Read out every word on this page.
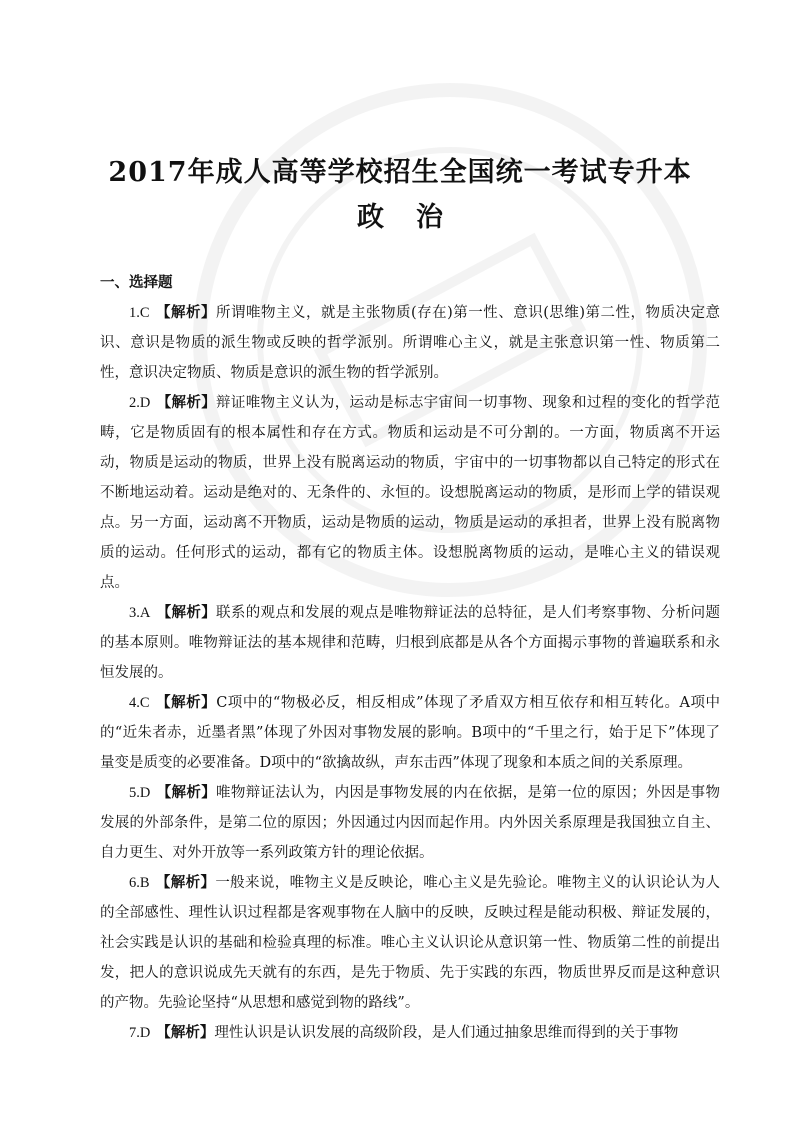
2017年成人高等学校招生全国统一考试专升本
政治
一、选择题

1.C 【解析】所谓唯物主义，就是主张物质(存在)第一性、意识(思维)第二性，物质决定意识、意识是物质的派生物或反映的哲学派别。所谓唯心主义，就是主张意识第一性、物质第二性，意识决定物质、物质是意识的派生物的哲学派别。

2.D 【解析】辩证唯物主义认为，运动是标志宇宙间一切事物、现象和过程的变化的哲学范畴，它是物质固有的根本属性和存在方式。物质和运动是不可分割的。一方面，物质离不开运动，物质是运动的物质，世界上没有脱离运动的物质，宇宙中的一切事物都以自己特定的形式在不断地运动着。运动是绝对的、无条件的、永恒的。设想脱离运动的物质，是形而上学的错误观点。另一方面，运动离不开物质，运动是物质的运动，物质是运动的承担者，世界上没有脱离物质的运动。任何形式的运动，都有它的物质主体。设想脱离物质的运动，是唯心主义的错误观点。

3.A 【解析】联系的观点和发展的观点是唯物辩证法的总特征，是人们考察事物、分析问题的基本原则。唯物辩证法的基本规律和范畴，归根到底都是从各个方面揭示事物的普遍联系和永恒发展的。

4.C 【解析】C项中的“物极必反，相反相成”体现了矛盾双方相互依存和相互转化。A项中的“近朱者赤，近墨者黑”体现了外因对事物发展的影响。B项中的“千里之行，始于足下”体现了量变是质变的必要准备。D项中的“欲擒故纵，声东击西”体现了现象和本质之间的关系原理。

5.D 【解析】唯物辩证法认为，内因是事物发展的内在依据，是第一位的原因；外因是事物发展的外部条件，是第二位的原因；外因通过内因而起作用。内外因关系原理是我国独立自主、自力更生、对外开放等一系列政策方针的理论依据。

6.B 【解析】一般来说，唯物主义是反映论，唯心主义是先验论。唯物主义的认识论认为人的全部感性、理性认识过程都是客观事物在人脑中的反映，反映过程是能动积极、辩证发展的，社会实践是认识的基础和检验真理的标准。唯心主义认识论从意识第一性、物质第二性的前提出发，把人的意识说成先天就有的东西，是先于物质、先于实践的东西，物质世界反而是这种意识的产物。先验论坚持“从思想和感觉到物的路线”。

7.D 【解析】理性认识是认识发展的高级阶段，是人们通过抽象思维而得到的关于事物
